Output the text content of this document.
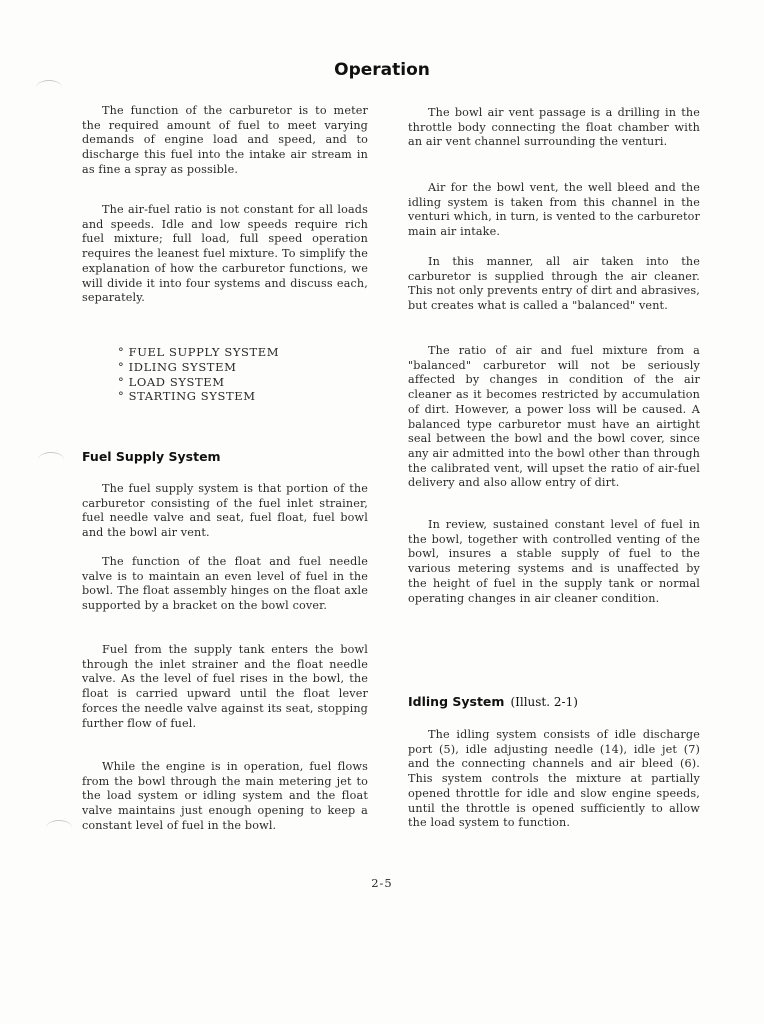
Operation

The function of the carburetor is to meter the required amount of fuel to meet varying demands of engine load and speed, and to discharge this fuel into the intake air stream in as fine a spray as possible.

The air-fuel ratio is not constant for all loads and speeds. Idle and low speeds require rich fuel mixture; full load, full speed operation requires the leanest fuel mixture. To simplify the explanation of how the carburetor functions, we will divide it into four systems and discuss each, separately.

° FUEL SUPPLY SYSTEM
° IDLING SYSTEM
° LOAD SYSTEM
° STARTING SYSTEM
Fuel Supply System

The fuel supply system is that portion of the carburetor consisting of the fuel inlet strainer, fuel needle valve and seat, fuel float, fuel bowl and the bowl air vent.

The function of the float and fuel needle valve is to maintain an even level of fuel in the bowl. The float assembly hinges on the float axle supported by a bracket on the bowl cover.

Fuel from the supply tank enters the bowl through the inlet strainer and the float needle valve. As the level of fuel rises in the bowl, the float is carried upward until the float lever forces the needle valve against its seat, stopping further flow of fuel.

While the engine is in operation, fuel flows from the bowl through the main metering jet to the load system or idling system and the float valve maintains just enough opening to keep a constant level of fuel in the bowl.

The bowl air vent passage is a drilling in the throttle body connecting the float chamber with an air vent channel surrounding the venturi.

Air for the bowl vent, the well bleed and the idling system is taken from this channel in the venturi which, in turn, is vented to the carburetor main air intake.

In this manner, all air taken into the carburetor is supplied through the air cleaner. This not only prevents entry of dirt and abrasives, but creates what is called a "balanced" vent.

The ratio of air and fuel mixture from a "balanced" carburetor will not be seriously affected by changes in condition of the air cleaner as it becomes restricted by accumulation of dirt. However, a power loss will be caused. A balanced type carburetor must have an airtight seal between the bowl and the bowl cover, since any air admitted into the bowl other than through the calibrated vent, will upset the ratio of air-fuel delivery and also allow entry of dirt.

In review, sustained constant level of fuel in the bowl, together with controlled venting of the bowl, insures a stable supply of fuel to the various metering systems and is unaffected by the height of fuel in the supply tank or normal operating changes in air cleaner condition.

Idling System (Illust. 2-1)

The idling system consists of idle discharge port (5), idle adjusting needle (14), idle jet (7) and the connecting channels and air bleed (6). This system controls the mixture at partially opened throttle for idle and slow engine speeds, until the throttle is opened sufficiently to allow the load system to function.

2-5
